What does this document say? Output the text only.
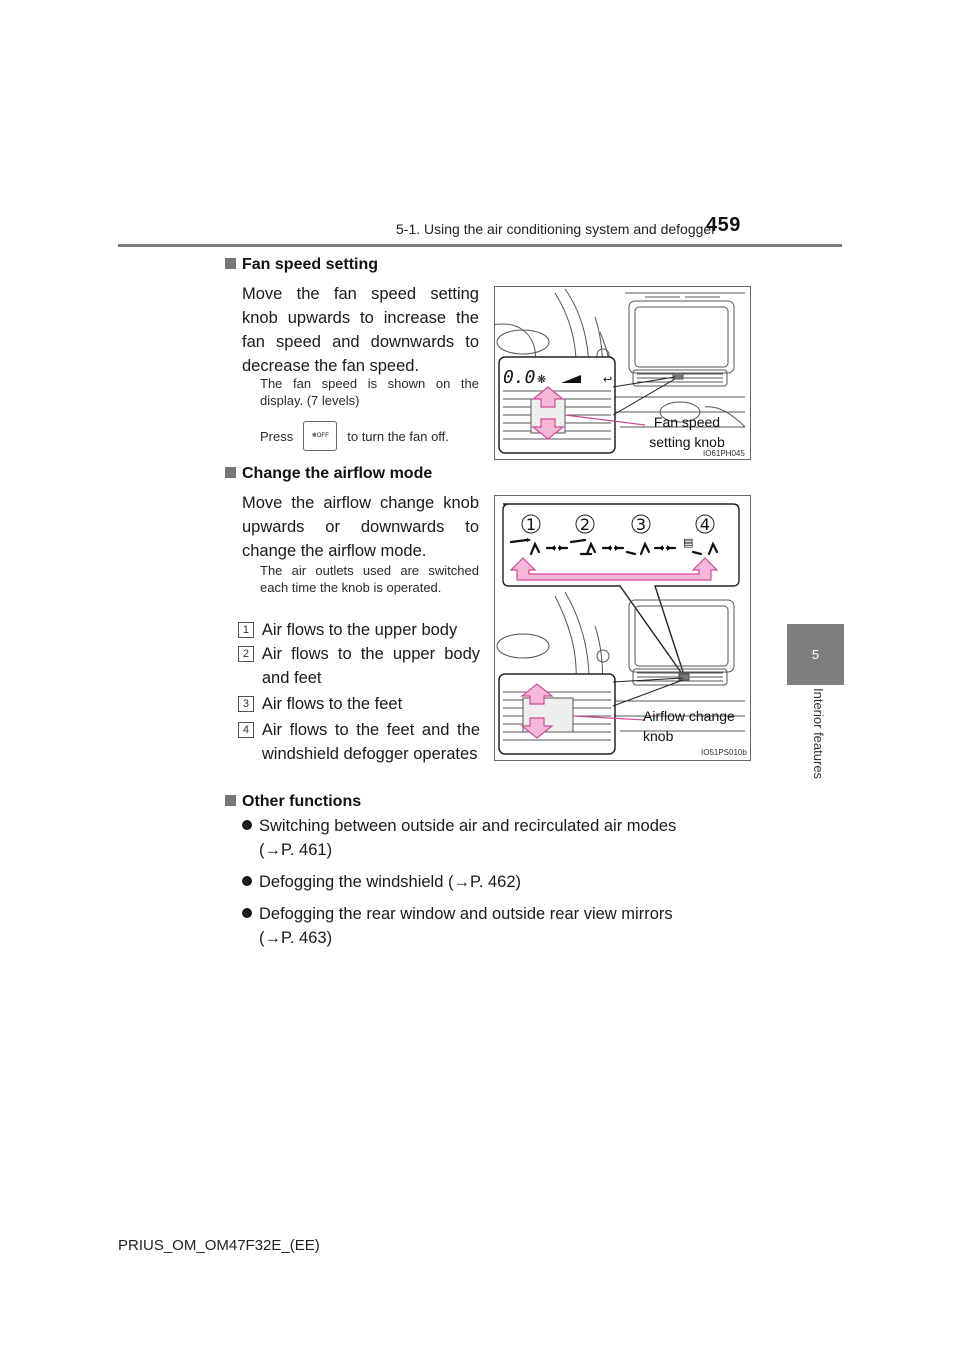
5-1. Using the air conditioning system and defogger
459
5
Interior features
Fan speed setting
Move the fan speed setting knob upwards to increase the fan speed and downwards to decrease the fan speed.
The fan speed is shown on the display. (7 levels)
Press	❋OFF	to turn the fan off.
0.0 ❋	↩
Fan speed setting knob
IO61PH045
Change the airflow mode
Move the airflow change knob upwards or downwards to change the airflow mode.
The air outlets used are switched each time the knob is operated.
1 Air flows to the upper body
2 Air flows to the upper body and feet
3 Air flows to the feet
4 Air flows to the feet and the windshield defogger operates
1	2	3	4
▤
Airflow change knob
IO51PS010b
Other functions
Switching between outside air and recirculated air modes
(→P. 461)
Defogging the windshield (→P. 462)
Defogging the rear window and outside rear view mirrors
(→P. 463)
PRIUS_OM_OM47F32E_(EE)
